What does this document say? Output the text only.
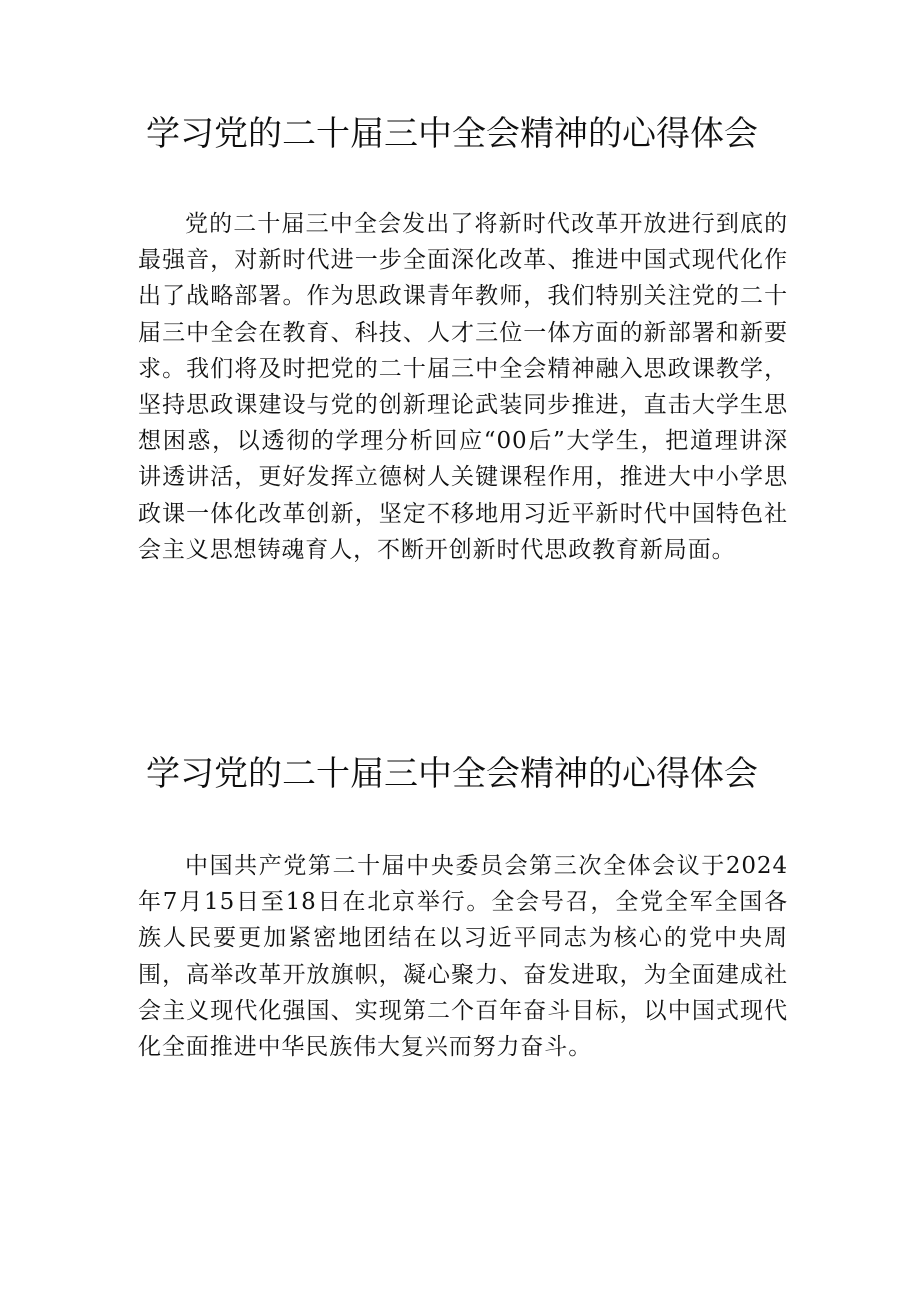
学习党的二十届三中全会精神的心得体会

党的二十届三中全会发出了将新时代改革开放进行到底的最强音，对新时代进一步全面深化改革、推进中国式现代化作出了战略部署。作为思政课青年教师，我们特别关注党的二十届三中全会在教育、科技、人才三位一体方面的新部署和新要求。我们将及时把党的二十届三中全会精神融入思政课教学，坚持思政课建设与党的创新理论武装同步推进，直击大学生思想困惑，以透彻的学理分析回应“00后”大学生，把道理讲深讲透讲活，更好发挥立德树人关键课程作用，推进大中小学思政课一体化改革创新，坚定不移地用习近平新时代中国特色社会主义思想铸魂育人，不断开创新时代思政教育新局面。

学习党的二十届三中全会精神的心得体会

中国共产党第二十届中央委员会第三次全体会议于2024年7月15日至18日在北京举行。全会号召，全党全军全国各族人民要更加紧密地团结在以习近平同志为核心的党中央周围，高举改革开放旗帜，凝心聚力、奋发进取，为全面建成社会主义现代化强国、实现第二个百年奋斗目标，以中国式现代化全面推进中华民族伟大复兴而努力奋斗。
